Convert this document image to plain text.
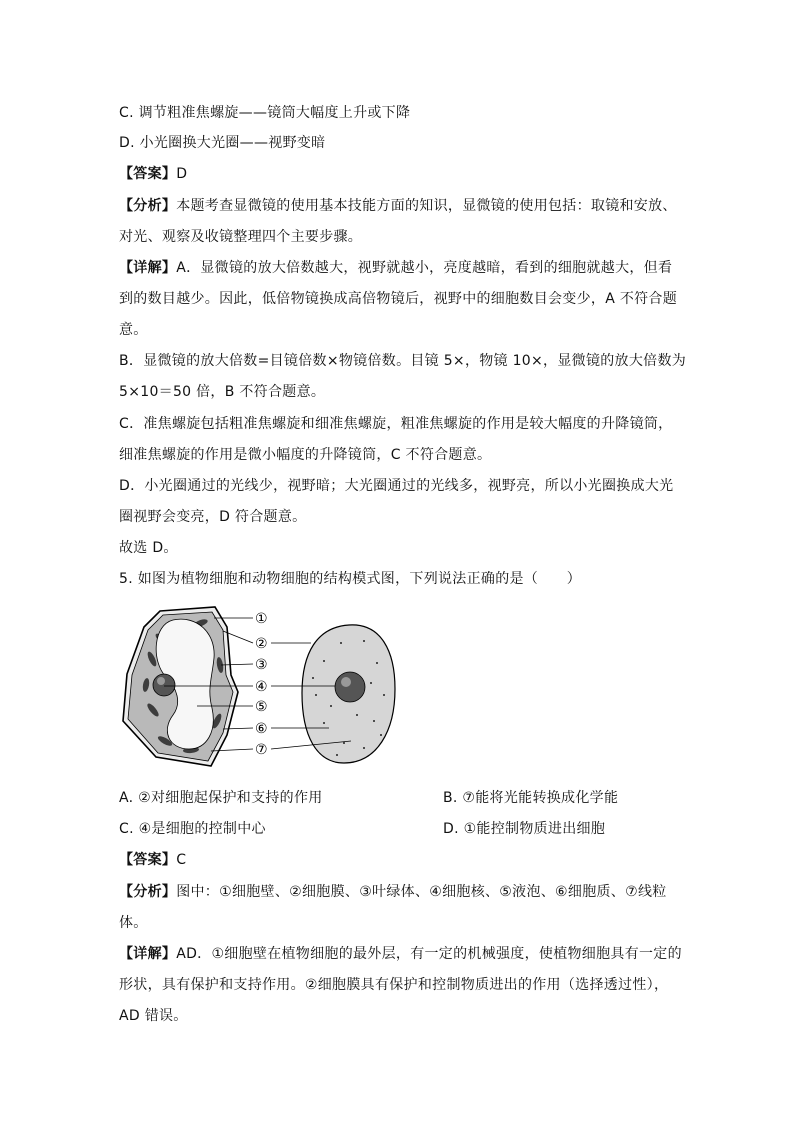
C. 调节粗准焦螺旋——镜筒大幅度上升或下降
D. 小光圈换大光圈——视野变暗
【答案】D
【分析】本题考查显微镜的使用基本技能方面的知识，显微镜的使用包括：取镜和安放、
对光、观察及收镜整理四个主要步骤。
【详解】A．显微镜的放大倍数越大，视野就越小，亮度越暗，看到的细胞就越大，但看
到的数目越少。因此，低倍物镜换成高倍物镜后，视野中的细胞数目会变少，A 不符合题
意。
B．显微镜的放大倍数=目镜倍数×物镜倍数。目镜 5×，物镜 10×，显微镜的放大倍数为
5×10＝50 倍，B 不符合题意。
C．准焦螺旋包括粗准焦螺旋和细准焦螺旋，粗准焦螺旋的作用是较大幅度的升降镜筒，
细准焦螺旋的作用是微小幅度的升降镜筒，C 不符合题意。
D．小光圈通过的光线少，视野暗；大光圈通过的光线多，视野亮，所以小光圈换成大光
圈视野会变亮，D 符合题意。
故选 D。
5. 如图为植物细胞和动物细胞的结构模式图，下列说法正确的是（　　）
①
②
③
④
⑤
⑥
⑦
A. ②对细胞起保护和支持的作用	B. ⑦能将光能转换成化学能
C. ④是细胞的控制中心	D. ①能控制物质进出细胞
【答案】C
【分析】图中：①细胞壁、②细胞膜、③叶绿体、④细胞核、⑤液泡、⑥细胞质、⑦线粒
体。
【详解】AD．①细胞壁在植物细胞的最外层，有一定的机械强度，使植物细胞具有一定的
形状，具有保护和支持作用。②细胞膜具有保护和控制物质进出的作用（选择透过性），
AD 错误。
